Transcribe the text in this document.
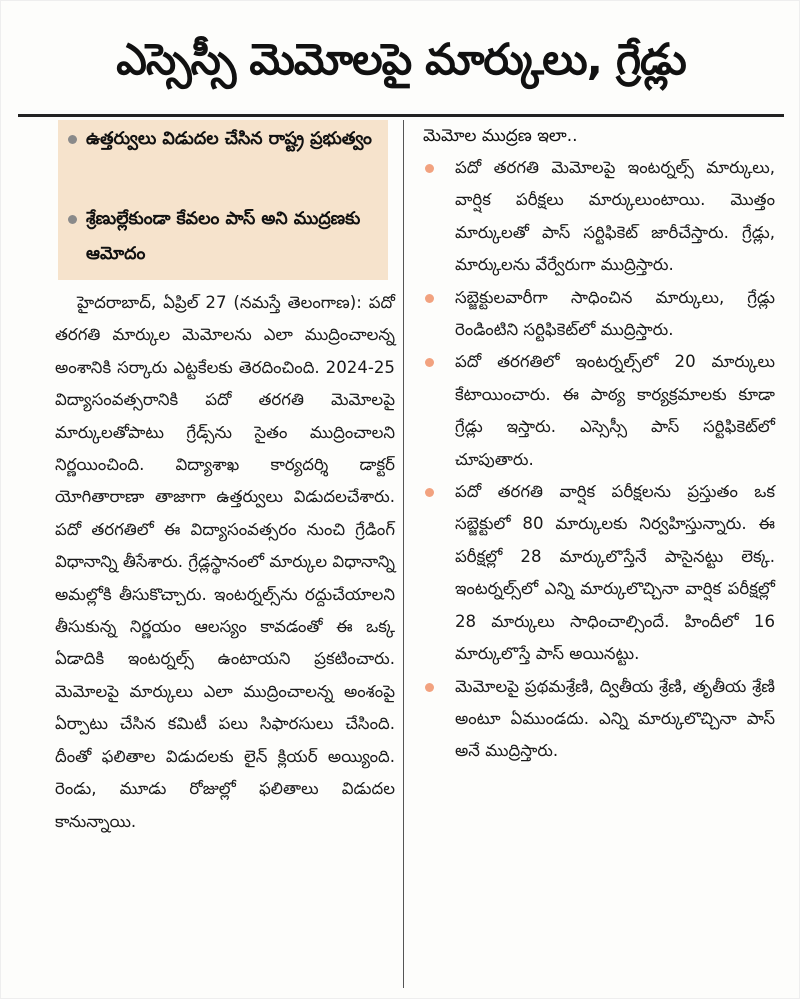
ఎస్సెస్సీ మెమోలపై మార్కులు, గ్రేడ్లు
ఉత్తర్వులు విడుదల చేసిన రాష్ట్ర ప్రభుత్వం
శ్రేణుల్లేకుండా కేవలం పాస్ అని ముద్రణకు ఆమోదం

హైదరాబాద్, ఏప్రిల్ 27 (నమస్తే తెలంగాణ): పదో తరగతి మార్కుల మెమోలను ఎలా ముద్రించాలన్న అంశానికి సర్కారు ఎట్టకేలకు తెరదించింది. 2024-25 విద్యాసంవత్సరానికి పదో తరగతి మెమోలపై మార్కులతోపాటు గ్రేడ్స్‌ను సైతం ముద్రించాలని నిర్ణయించింది. విద్యాశాఖ కార్యదర్శి డాక్టర్ యోగితారాణా తాజాగా ఉత్తర్వులు విడుదలచేశారు. పదో తరగతిలో ఈ విద్యాసంవత్సరం నుంచి గ్రేడింగ్ విధానాన్ని తీసేశారు. గ్రేడ్లస్థానంలో మార్కుల విధానాన్ని అమల్లోకి తీసుకొచ్చారు. ఇంటర్నల్స్‌ను రద్దుచేయాలని తీసుకున్న నిర్ణయం ఆలస్యం కావడంతో ఈ ఒక్క ఏడాదికి ఇంటర్నల్స్ ఉంటాయని ప్రకటించారు. మెమోలపై మార్కులు ఎలా ముద్రించాలన్న అంశంపై ఏర్పాటు చేసిన కమిటీ పలు సిఫారసులు చేసింది. దీంతో ఫలితాల విడుదలకు లైన్ క్లియర్ అయ్యింది. రెండు, మూడు రోజుల్లో ఫలితాలు విడుదల కానున్నాయి.

మెమోల ముద్రణ ఇలా..
పదో తరగతి మెమోలపై ఇంటర్నల్స్ మార్కులు, వార్షిక పరీక్షలు మార్కులుంటాయి. మొత్తం మార్కులతో పాస్ సర్టిఫికెట్ జారీచేస్తారు. గ్రేడ్లు, మార్కులను వేర్వేరుగా ముద్రిస్తారు.
సబ్జెక్టులవారీగా సాధించిన మార్కులు, గ్రేడ్లు రెండింటిని సర్టిఫికెట్‌లో ముద్రిస్తారు.
పదో తరగతిలో ఇంటర్నల్స్‌లో 20 మార్కులు కేటాయించారు. ఈ పాఠ్య కార్యక్రమాలకు కూడా గ్రేడ్లు ఇస్తారు. ఎస్సెస్సీ పాస్ సర్టిఫికెట్‌లో చూపుతారు.
పదో తరగతి వార్షిక పరీక్షలను ప్రస్తుతం ఒక సబ్జెక్టులో 80 మార్కులకు నిర్వహిస్తున్నారు. ఈ పరీక్షల్లో 28 మార్కులొస్తేనే పాసైనట్టు లెక్క. ఇంటర్నల్స్‌లో ఎన్ని మార్కులొచ్చినా వార్షిక పరీక్షల్లో 28 మార్కులు సాధించాల్సిందే. హిందీలో 16 మార్కులొస్తే పాస్ అయినట్టు.
మెమోలపై ప్రథమశ్రేణి, ద్వితీయ శ్రేణి, తృతీయ శ్రేణి అంటూ ఏముండదు. ఎన్ని మార్కులొచ్చినా పాస్ అనే ముద్రిస్తారు.
